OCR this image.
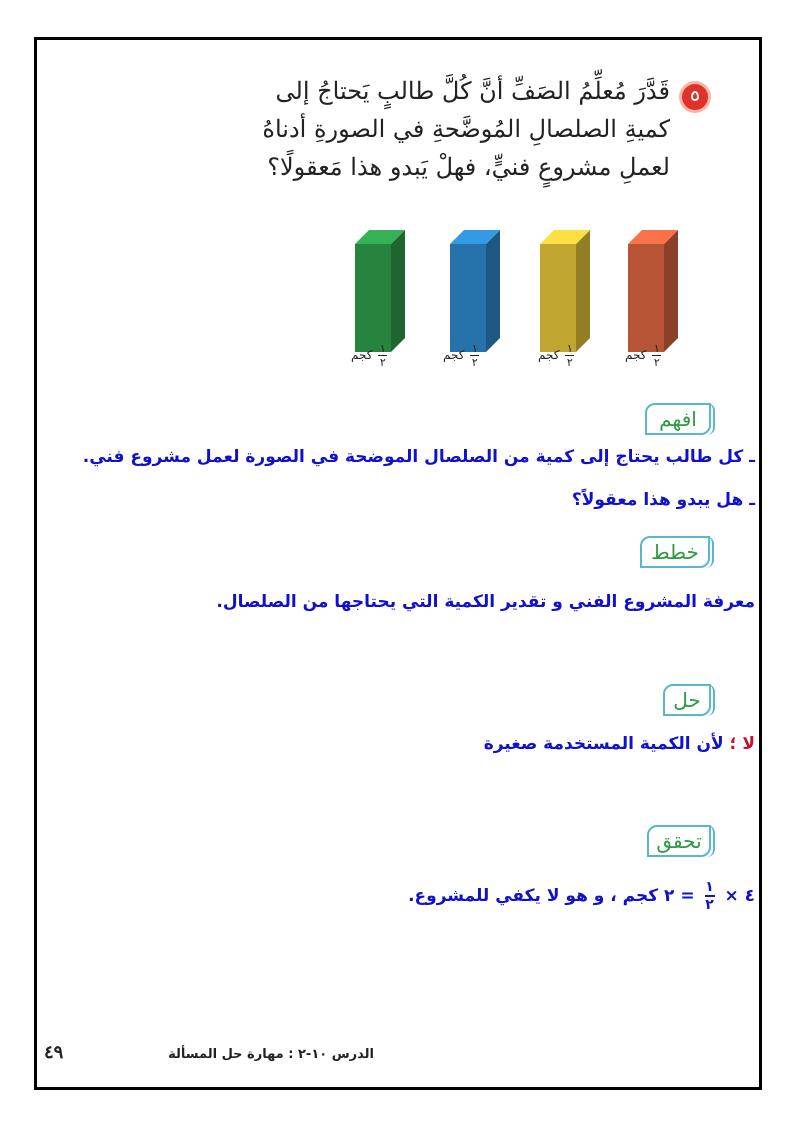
قَدَّرَ مُعلِّمُ الصَفِّ أنَّ كُلَّ طالبٍ يَحتاجُ إلى
كميةِ الصلصالِ المُوضَّحةِ في الصورةِ أدناهُ
لعملِ مشروعٍ فنيٍّ، فهلْ يَبدو هذا مَعقولًا؟
$\frac{١}{٢}$ كجم	$\frac{١}{٢}$ كجم	$\frac{١}{٢}$ كجم	$\frac{١}{٢}$ كجم
افهم
ـ كل طالب يحتاج إلى كمية من الصلصال الموضحة في الصورة لعمل مشروع فني.
ـ هل يبدو هذا معقولاً؟
خطط
معرفة المشروع الفني و تقدير الكمية التي يحتاجها من الصلصال.
حل
لا ؛ لأن الكمية المستخدمة صغيرة
تحقق
٤ × $\frac{١}{٢}$ = ٢ كجم ، و هو لا يكفي للمشروع.
الدرس ١٠-٢ : مهارة حل المسألة
٤٩
